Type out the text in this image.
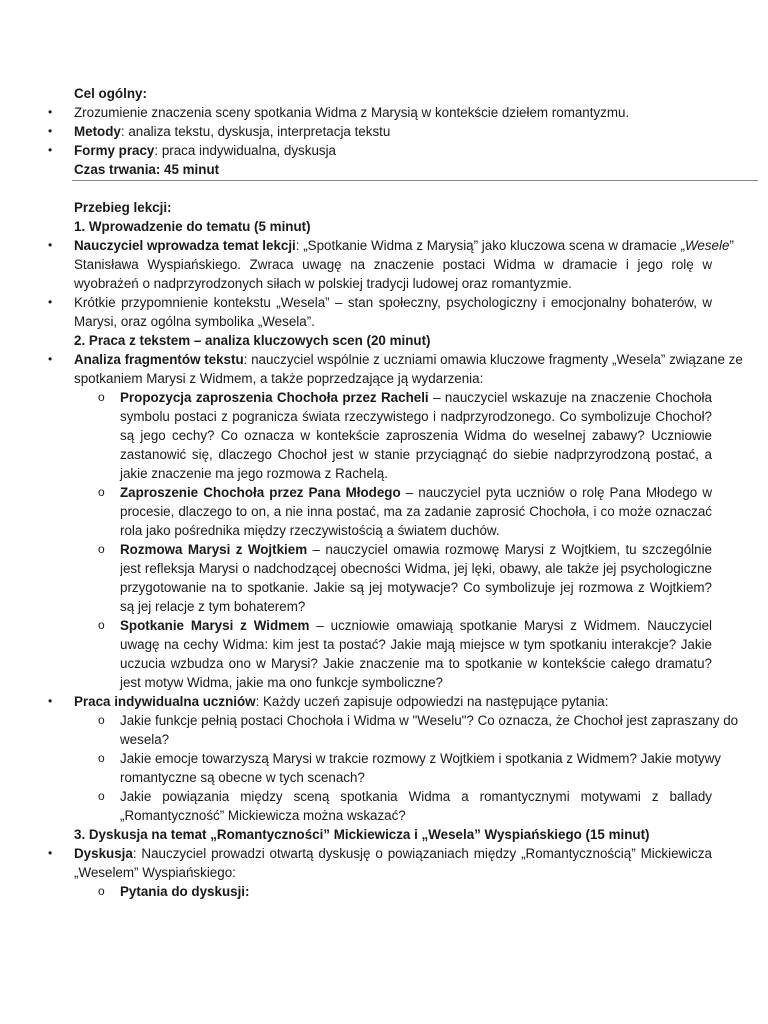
Cel ogólny:
• Zrozumienie znaczenia sceny spotkania Widma z Marysią w kontekście dziełem romantyzmu.
• Metody: analiza tekstu, dyskusja, interpretacja tekstu
• Formy pracy: praca indywidualna, dyskusja
Czas trwania: 45 minut
Przebieg lekcji:
1. Wprowadzenie do tematu (5 minut)
• Nauczyciel wprowadza temat lekcji: „Spotkanie Widma z Marysią” jako kluczowa scena w dramacie „Wesele”
Stanisława Wyspiańskiego. Zwraca uwagę na znaczenie postaci Widma w dramacie i jego rolę w
wyobrażeń o nadprzyrodzonych siłach w polskiej tradycji ludowej oraz romantyzmie.
• Krótkie przypomnienie kontekstu „Wesela” – stan społeczny, psychologiczny i emocjonalny bohaterów, w
Marysi, oraz ogólna symbolika „Wesela”.
2. Praca z tekstem – analiza kluczowych scen (20 minut)
• Analiza fragmentów tekstu: nauczyciel wspólnie z uczniami omawia kluczowe fragmenty „Wesela” związane ze
spotkaniem Marysi z Widmem, a także poprzedzające ją wydarzenia:
o Propozycja zaproszenia Chochoła przez Racheli – nauczyciel wskazuje na znaczenie Chochoła
symbolu postaci z pogranicza świata rzeczywistego i nadprzyrodzonego. Co symbolizuje Chochoł?
są jego cechy? Co oznacza w kontekście zaproszenia Widma do weselnej zabawy? Uczniowie
zastanowić się, dlaczego Chochoł jest w stanie przyciągnąć do siebie nadprzyrodzoną postać, a
jakie znaczenie ma jego rozmowa z Rachelą.
o Zaproszenie Chochoła przez Pana Młodego – nauczyciel pyta uczniów o rolę Pana Młodego w
procesie, dlaczego to on, a nie inna postać, ma za zadanie zaprosić Chochoła, i co może oznaczać
rola jako pośrednika między rzeczywistością a światem duchów.
o Rozmowa Marysi z Wojtkiem – nauczyciel omawia rozmowę Marysi z Wojtkiem, tu szczególnie
jest refleksja Marysi o nadchodzącej obecności Widma, jej lęki, obawy, ale także jej psychologiczne
przygotowanie na to spotkanie. Jakie są jej motywacje? Co symbolizuje jej rozmowa z Wojtkiem?
są jej relacje z tym bohaterem?
o Spotkanie Marysi z Widmem – uczniowie omawiają spotkanie Marysi z Widmem. Nauczyciel
uwagę na cechy Widma: kim jest ta postać? Jakie mają miejsce w tym spotkaniu interakcje? Jakie
uczucia wzbudza ono w Marysi? Jakie znaczenie ma to spotkanie w kontekście całego dramatu?
jest motyw Widma, jakie ma ono funkcje symboliczne?
• Praca indywidualna uczniów: Każdy uczeń zapisuje odpowiedzi na następujące pytania:
o Jakie funkcje pełnią postaci Chochoła i Widma w "Weselu"? Co oznacza, że Chochoł jest zapraszany do
wesela?
o Jakie emocje towarzyszą Marysi w trakcie rozmowy z Wojtkiem i spotkania z Widmem? Jakie motywy
romantyczne są obecne w tych scenach?
o Jakie powiązania między sceną spotkania Widma a romantycznymi motywami z ballady
„Romantyczność” Mickiewicza można wskazać?
3. Dyskusja na temat „Romantyczności” Mickiewicza i „Wesela” Wyspiańskiego (15 minut)
• Dyskusja: Nauczyciel prowadzi otwartą dyskusję o powiązaniach między „Romantycznością” Mickiewicza
„Weselem” Wyspiańskiego:
o Pytania do dyskusji:
